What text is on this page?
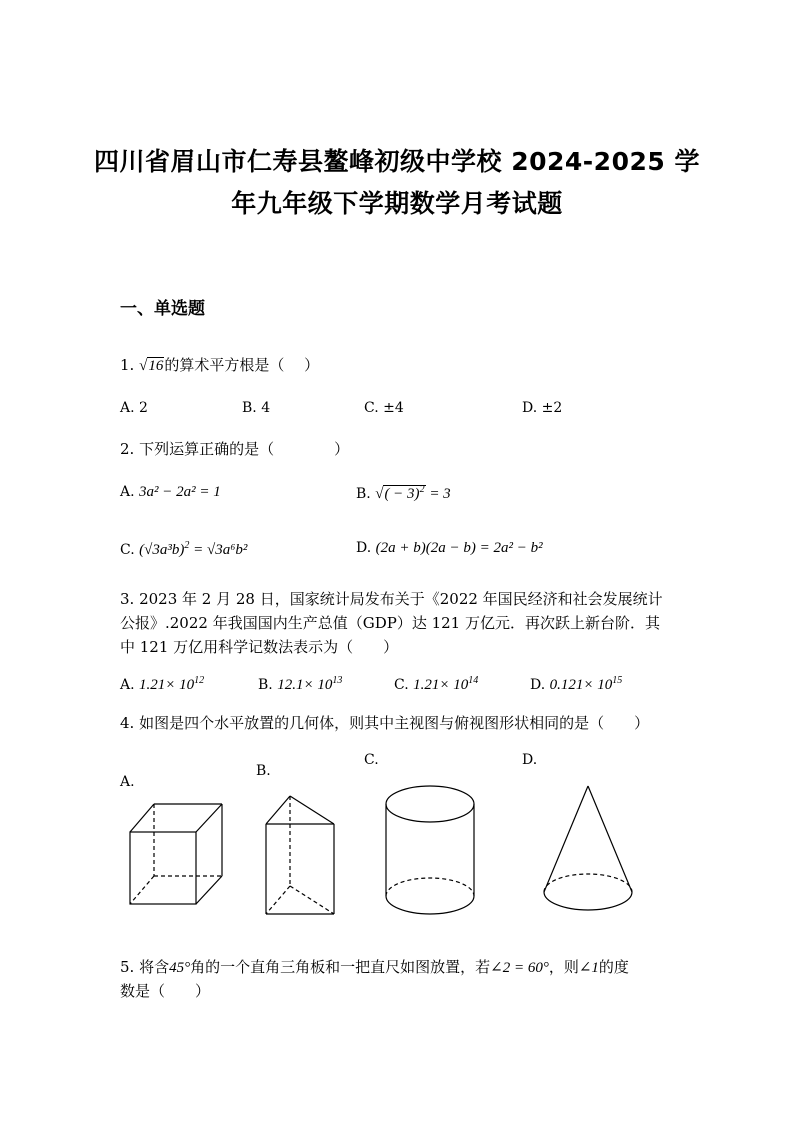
四川省眉山市仁寿县鳌峰初级中学校 2024-2025 学
年九年级下学期数学月考试题
一、单选题
1. √16的算术平方根是（　 ）
A. 2	B. 4	C. ±4	D. ±2
2. 下列运算正确的是（　　　　）
A. 3a² − 2a² = 1	B. √( − 3)$^2$ = 3
C. $(√3a^3b)^2 = √3a^6b^2$	D. (2a + b)(2a − b) = 2a² − b²
3. 2023 年 2 月 28 日，国家统计局发布关于《2022 年国民经济和社会发展统计
公报》.2022 年我国国内生产总值（GDP）达 121 万亿元．再次跃上新台阶．其
中 121 万亿用科学记数法表示为（　　）
A. $1.21\times 10^{12}$	B. $12.1\times 10^{13}$	C. $1.21\times 10^{14}$	D. $0.121\times 10^{15}$
4. 如图是四个水平放置的几何体，则其中主视图与俯视图形状相同的是（　　）
A.
B.
C.	D.
5. 将含45°角的一个直角三角板和一把直尺如图放置，若∠2 = 60°，则∠1的度
数是（　　）
